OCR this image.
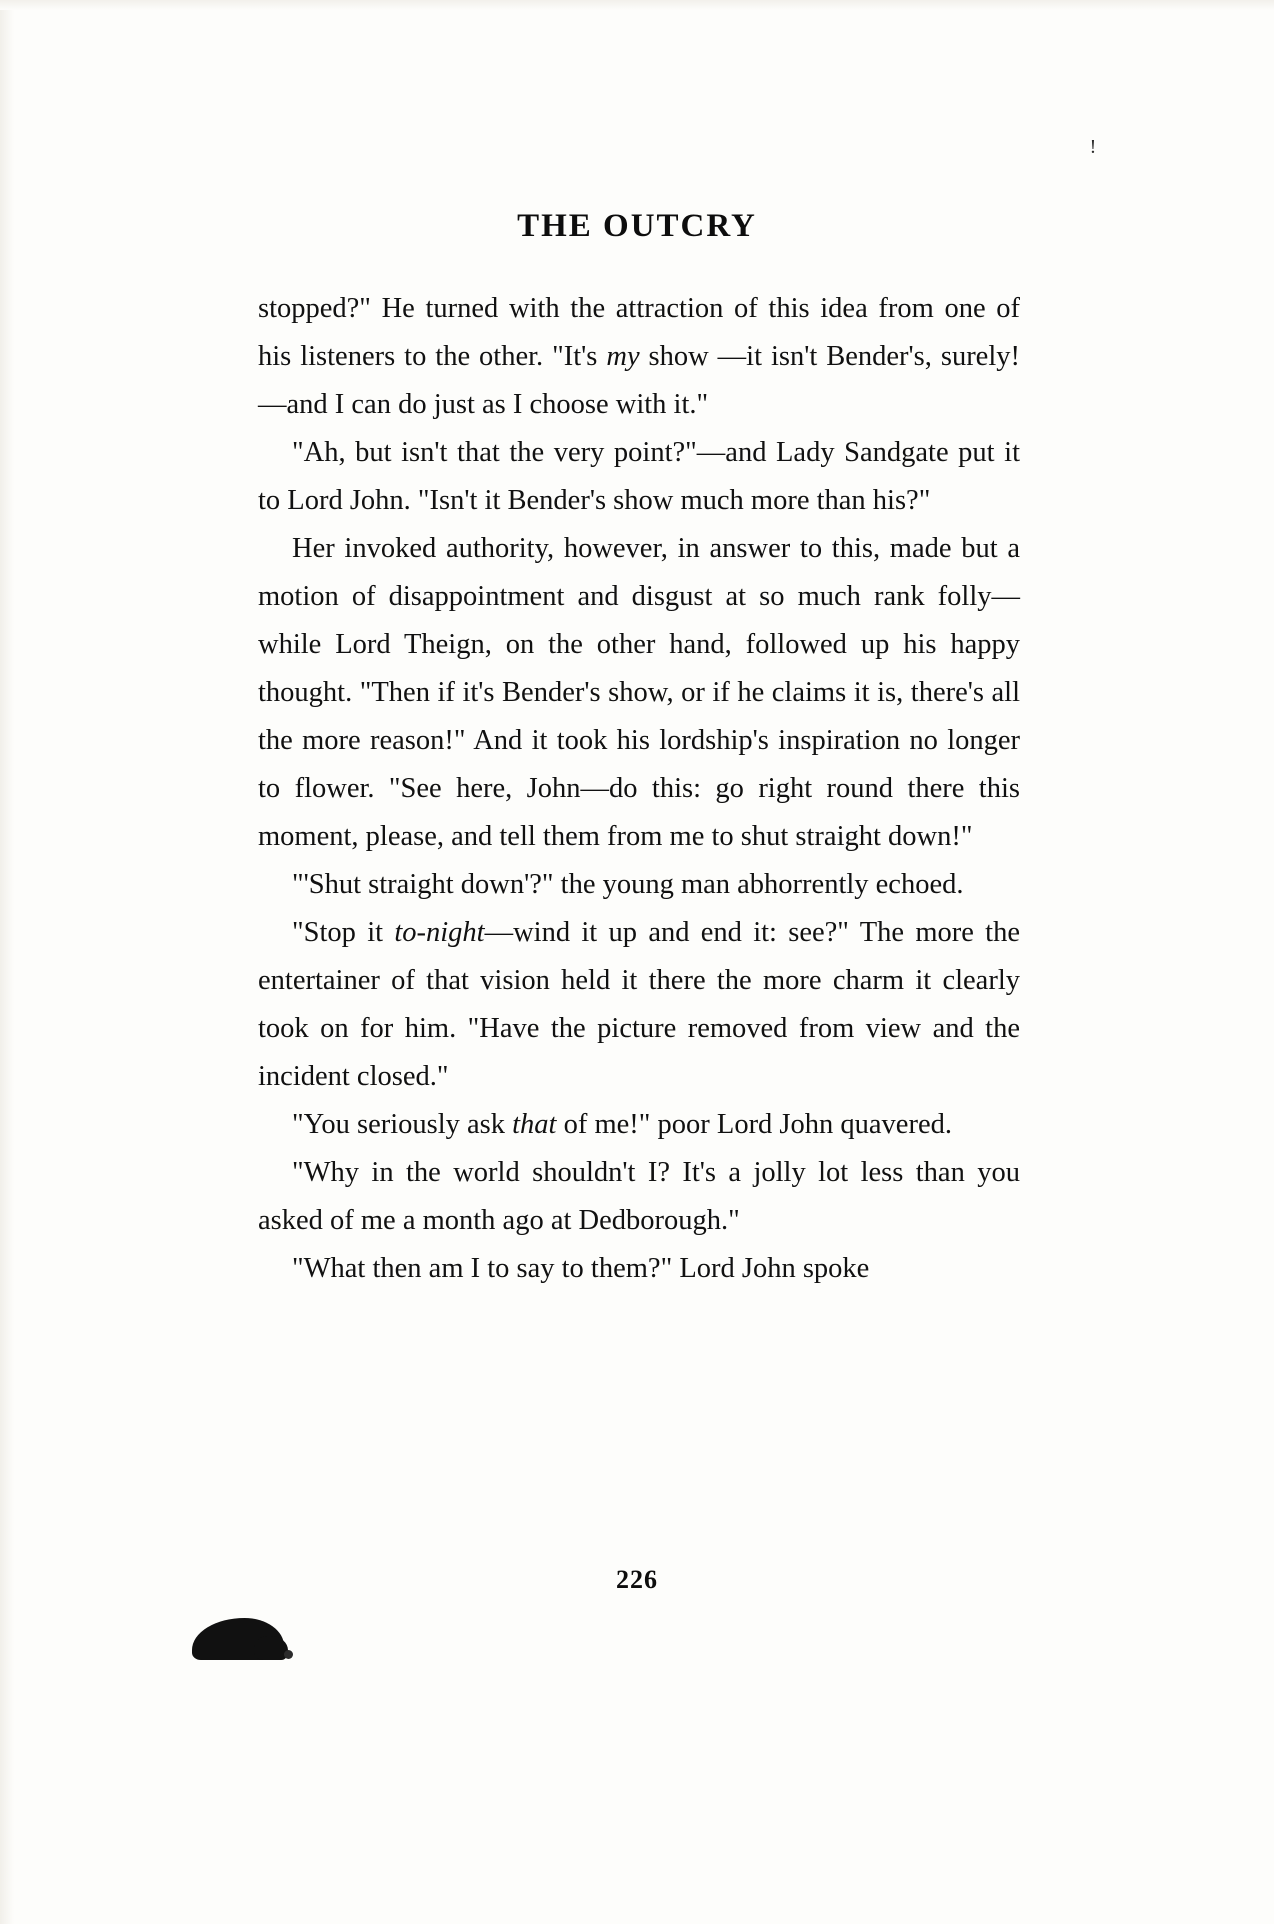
!
THE OUTCRY

stopped?" He turned with the attraction of this idea from one of his listeners to the other. "It's my show —it isn't Bender's, surely!—and I can do just as I choose with it."

"Ah, but isn't that the very point?"—and Lady Sandgate put it to Lord John. "Isn't it Bender's show much more than his?"

Her invoked authority, however, in answer to this, made but a motion of disappointment and disgust at so much rank folly—while Lord Theign, on the other hand, followed up his happy thought. "Then if it's Bender's show, or if he claims it is, there's all the more reason!" And it took his lordship's inspiration no longer to flower. "See here, John—do this: go right round there this moment, please, and tell them from me to shut straight down!"

"'Shut straight down'?" the young man abhorrently echoed.

"Stop it to-night—wind it up and end it: see?" The more the entertainer of that vision held it there the more charm it clearly took on for him. "Have the picture removed from view and the incident closed."

"You seriously ask that of me!" poor Lord John quavered.

"Why in the world shouldn't I? It's a jolly lot less than you asked of me a month ago at Dedborough."

"What then am I to say to them?" Lord John spoke

226
